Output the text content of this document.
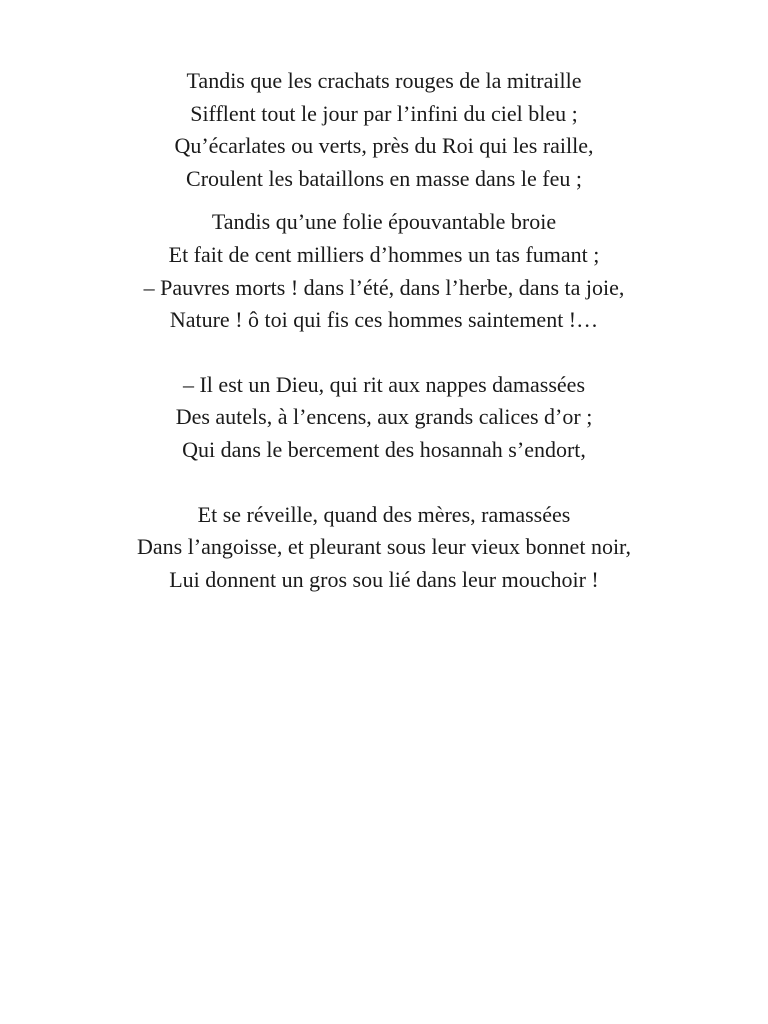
Tandis que les crachats rouges de la mitraille
Sifflent tout le jour par l’infini du ciel bleu ;
Qu’écarlates ou verts, près du Roi qui les raille,
Croulent les bataillons en masse dans le feu ;
Tandis qu’une folie épouvantable broie
Et fait de cent milliers d’hommes un tas fumant ;
– Pauvres morts ! dans l’été, dans l’herbe, dans ta joie,
Nature ! ô toi qui fis ces hommes saintement !…
– Il est un Dieu, qui rit aux nappes damassées
Des autels, à l’encens, aux grands calices d’or ;
Qui dans le bercement des hosannah s’endort,
Et se réveille, quand des mères, ramassées
Dans l’angoisse, et pleurant sous leur vieux bonnet noir,
Lui donnent un gros sou lié dans leur mouchoir !
